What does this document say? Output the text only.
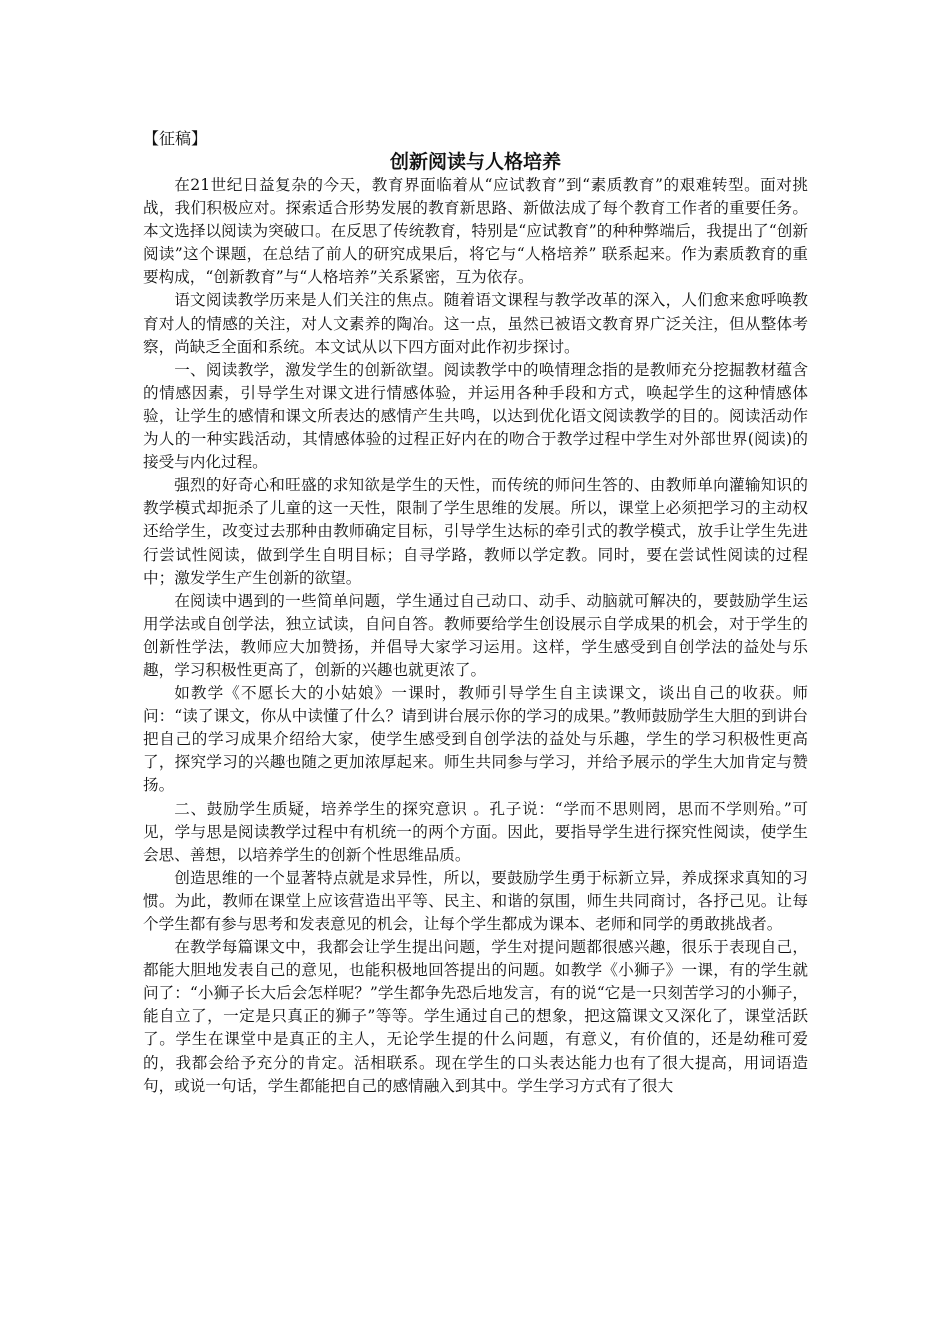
【征稿】
创新阅读与人格培养

在21世纪日益复杂的今天，教育界面临着从“应试教育”到“素质教育”的艰难转型。面对挑战，我们积极应对。探索适合形势发展的教育新思路、新做法成了每个教育工作者的重要任务。本文选择以阅读为突破口。在反思了传统教育，特别是“应试教育”的种种弊端后，我提出了“创新阅读”这个课题，在总结了前人的研究成果后，将它与“人格培养” 联系起来。作为素质教育的重要构成，“创新教育”与“人格培养”关系紧密，互为依存。

语文阅读教学历来是人们关注的焦点。随着语文课程与教学改革的深入，人们愈来愈呼唤教育对人的情感的关注，对人文素养的陶冶。这一点，虽然已被语文教育界广泛关注，但从整体考察，尚缺乏全面和系统。本文试从以下四方面对此作初步探讨。

一、阅读教学，激发学生的创新欲望。阅读教学中的唤情理念指的是教师充分挖掘教材蕴含的情感因素，引导学生对课文进行情感体验，并运用各种手段和方式，唤起学生的这种情感体验，让学生的感情和课文所表达的感情产生共鸣，以达到优化语文阅读教学的目的。阅读活动作为人的一种实践活动，其情感体验的过程正好内在的吻合于教学过程中学生对外部世界(阅读)的接受与内化过程。

强烈的好奇心和旺盛的求知欲是学生的天性，而传统的师问生答的、由教师单向灌输知识的教学模式却扼杀了儿童的这一天性，限制了学生思维的发展。所以，课堂上必须把学习的主动权还给学生，改变过去那种由教师确定目标，引导学生达标的牵引式的教学模式，放手让学生先进行尝试性阅读，做到学生自明目标；自寻学路，教师以学定教。同时，要在尝试性阅读的过程中；激发学生产生创新的欲望。

在阅读中遇到的一些简单问题，学生通过自己动口、动手、动脑就可解决的，要鼓励学生运用学法或自创学法，独立试读，自问自答。教师要给学生创设展示自学成果的机会，对于学生的创新性学法，教师应大加赞扬，并倡导大家学习运用。这样，学生感受到自创学法的益处与乐趣，学习积极性更高了，创新的兴趣也就更浓了。

如教学《不愿长大的小姑娘》一课时，教师引导学生自主读课文，谈出自己的收获。师问：“读了课文，你从中读懂了什么？请到讲台展示你的学习的成果。”教师鼓励学生大胆的到讲台把自己的学习成果介绍给大家，使学生感受到自创学法的益处与乐趣，学生的学习积极性更高了，探究学习的兴趣也随之更加浓厚起来。师生共同参与学习，并给予展示的学生大加肯定与赞扬。

二、鼓励学生质疑，培养学生的探究意识 。孔子说：“学而不思则罔，思而不学则殆。”可见，学与思是阅读教学过程中有机统一的两个方面。因此，要指导学生进行探究性阅读，使学生会思、善想，以培养学生的创新个性思维品质。

创造思维的一个显著特点就是求异性，所以，要鼓励学生勇于标新立异，养成探求真知的习惯。为此，教师在课堂上应该营造出平等、民主、和谐的氛围，师生共同商讨，各抒己见。让每个学生都有参与思考和发表意见的机会，让每个学生都成为课本、老师和同学的勇敢挑战者。

在教学每篇课文中，我都会让学生提出问题，学生对提问题都很感兴趣，很乐于表现自己，都能大胆地发表自己的意见，也能积极地回答提出的问题。如教学《小狮子》一课，有的学生就问了：“小狮子长大后会怎样呢？”学生都争先恐后地发言，有的说“它是一只刻苦学习的小狮子，能自立了，一定是只真正的狮子”等等。学生通过自己的想象，把这篇课文又深化了，课堂活跃了。学生在课堂中是真正的主人，无论学生提的什么问题，有意义，有价值的，还是幼稚可爱的，我都会给予充分的肯定。活相联系。现在学生的口头表达能力也有了很大提高，用词语造句，或说一句话，学生都能把自己的感情融入到其中。学生学习方式有了很大
